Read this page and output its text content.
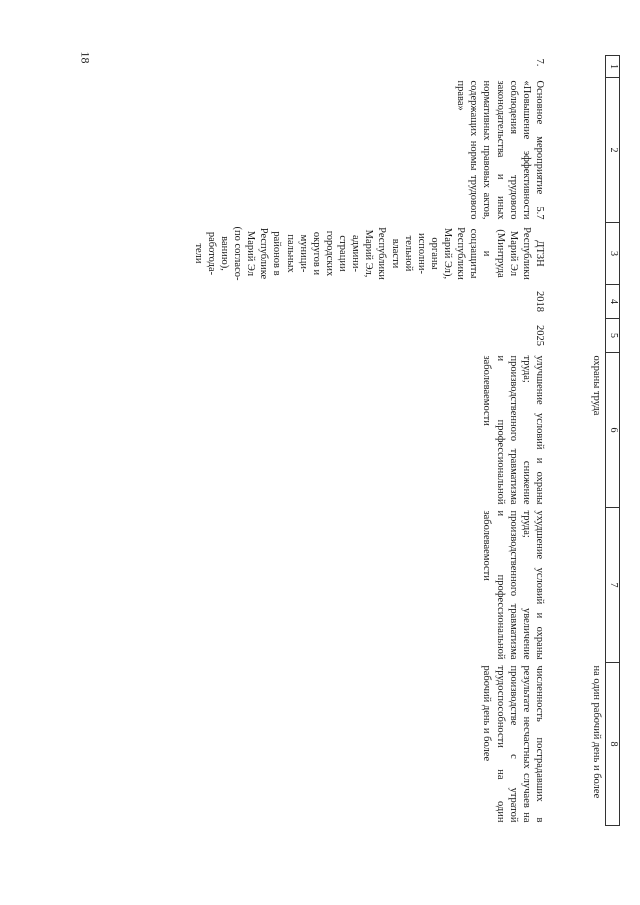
18
1	2	3	4	5	6	7	8
					охраны труда		на один рабочий день и более
7.	Основное мероприятие 5.7 «Повышение эффективности соблюдения трудового законодательства и иных нормативных правовых актов, содержащих нормы трудового права»	ДТЗН Республики Марий Эл (Минтруда и соцзащиты Республики Марий Эл), органы исполни-тельной власти Республики Марий Эл, админи-страции городских округов и муници-пальных районов в Республике Марий Эл (по согласо-ванию), работода-тели	2018	2025	улучшение условий и охраны труда; снижение производственного травматизма и профессиональной заболеваемости	ухудшение условий и охраны труда; увеличение производственного травматизма и профессиональной заболеваемости	численность пострадавших в результате несчастных случаев на производстве с утратой трудоспособности на один рабочий день и более
